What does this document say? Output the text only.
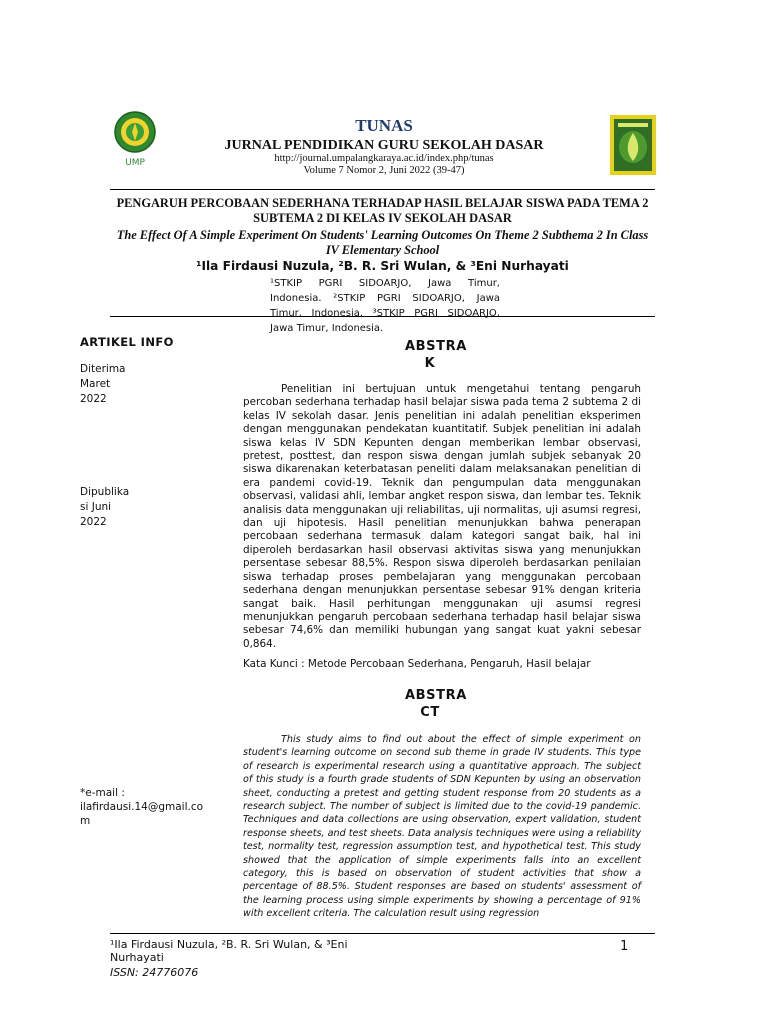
UMP
TUNAS
JURNAL PENDIDIKAN GURU SEKOLAH DASAR
http://journal.umpalangkaraya.ac.id/index.php/tunas
Volume 7 Nomor 2, Juni 2022 (39-47)
PENGARUH PERCOBAAN SEDERHANA TERHADAP HASIL BELAJAR SISWA PADA TEMA 2 SUBTEMA 2 DI KELAS IV SEKOLAH DASAR
The Effect Of A Simple Experiment On Students' Learning Outcomes On Theme 2 Subthema 2 In Class IV Elementary School
¹Ila Firdausi Nuzula, ²B. R. Sri Wulan, & ³Eni Nurhayati
¹STKIP PGRI SIDOARJO, Jawa Timur, Indonesia. ²STKIP PGRI SIDOARJO, Jawa Timur, Indonesia. ³STKIP PGRI SIDOARJO, Jawa Timur, Indonesia.
ARTIKEL INFO
Diterima
Maret
2022
Dipublika
si Juni
2022
*e-mail :
ilafirdausi.14@gmail.com
ABSTRA
K

Penelitian ini bertujuan untuk mengetahui tentang pengaruh percoban sederhana terhadap hasil belajar siswa pada tema 2 subtema 2 di kelas IV sekolah dasar. Jenis penelitian ini adalah penelitian eksperimen dengan menggunakan pendekatan kuantitatif. Subjek penelitian ini adalah siswa kelas IV SDN Kepunten dengan memberikan lembar observasi, pretest, posttest, dan respon siswa dengan jumlah subjek sebanyak 20 siswa dikarenakan keterbatasan peneliti dalam melaksanakan penelitian di era pandemi covid-19. Teknik dan pengumpulan data menggunakan observasi, validasi ahli, lembar angket respon siswa, dan lembar tes. Teknik analisis data menggunakan uji reliabilitas, uji normalitas, uji asumsi regresi, dan uji hipotesis. Hasil penelitian menunjukkan bahwa penerapan percobaan sederhana termasuk dalam kategori sangat baik, hal ini diperoleh berdasarkan hasil observasi aktivitas siswa yang menunjukkan persentase sebesar 88,5%. Respon siswa diperoleh berdasarkan penilaian siswa terhadap proses pembelajaran yang menggunakan percobaan sederhana dengan menunjukkan persentase sebesar 91% dengan kriteria sangat baik. Hasil perhitungan menggunakan uji asumsi regresi menunjukkan pengaruh percobaan sederhana terhadap hasil belajar siswa sebesar 74,6% dan memiliki hubungan yang sangat kuat yakni sebesar 0,864.

Kata Kunci : Metode Percobaan Sederhana, Pengaruh, Hasil belajar
ABSTRA
CT

This study aims to find out about the effect of simple experiment on student's learning outcome on second sub theme in grade IV students. This type of research is experimental research using a quantitative approach. The subject of this study is a fourth grade students of SDN Kepunten by using an observation sheet, conducting a pretest and getting student response from 20 students as a research subject. The number of subject is limited due to the covid-19 pandemic. Techniques and data collections are using observation, expert validation, student response sheets, and test sheets. Data analysis techniques were using a reliability test, normality test, regression assumption test, and hypothetical test. This study showed that the application of simple experiments falls into an excellent category, this is based on observation of student activities that show a percentage of 88.5%. Student responses are based on students' assessment of the learning process using simple experiments by showing a percentage of 91% with excellent criteria. The calculation result using regression

¹Ila Firdausi Nuzula, ²B. R. Sri Wulan, & ³Eni Nurhayati
ISSN: 24776076
1
